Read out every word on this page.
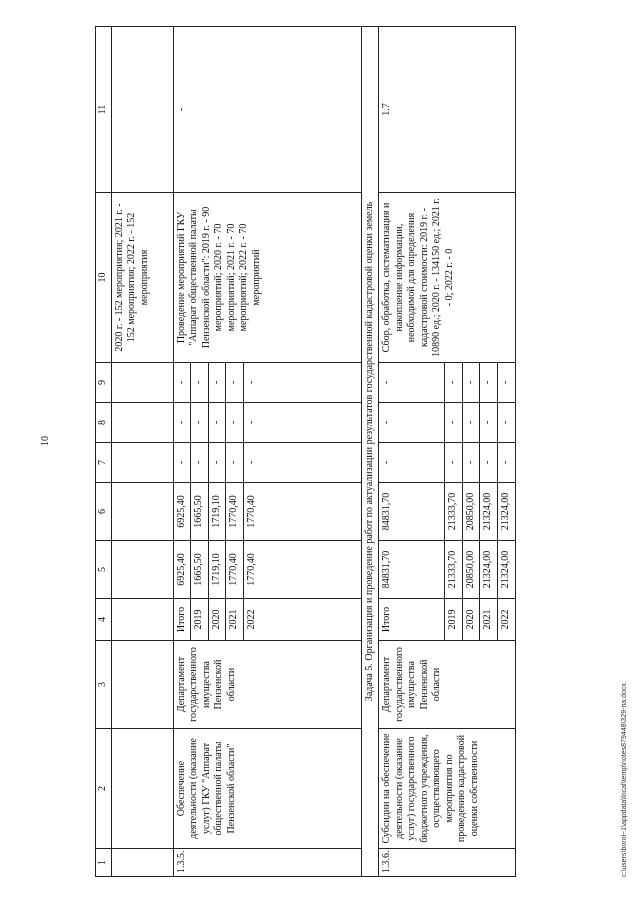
10
1	2	3	4	5	6	7	8	9	10	11
									2020 г. - 152 мероприятия; 2021 г. - 152 мероприятия; 2022 г. - 152 мероприятия	
1.3.5.	Обеспечение деятельности (оказание услуг) ГКУ "Аппарат общественной палаты Пензенской области"	Департамент государственного имущества Пензенской области	Итого	6925,40	6925,40	-	-	-	Проведение мероприятий ГКУ "Аппарат общественной палаты Пензенской области": 2019 г. - 90 мероприятий; 2020 г. - 70 мероприятий; 2021 г. - 70 мероприятий; 2022 г. - 70 мероприятий	-
			2019	1665,50	1665,50	-	-	-		
			2020	1719,10	1719,10	-	-	-		
			2021	1770,40	1770,40	-	-	-		
			2022	1770,40	1770,40	-	-	-		
Задача 5. Организация и проведение работ по актуализации результатов государственной кадастровой оценки земель										
1.3.6.	Субсидии на обеспечение деятельности (оказание услуг) государственного бюджетного учреждения, осуществляющего мероприятия по проведению кадастровой оценки собственности	Департамент государственного имущества Пензенской области	Итого	84831,70	84831,70	-	-	-	Сбор, обработка, систематизация и накопление информации, необходимой для определения кадастровой стоимости: 2019 г. - 10890 ед.; 2020 г. - 134150 ед.; 2021 г. - 0; 2022 г. - 0	1.7
			2019	21333,70	21333,70	-	-	-		
			2020	20850,00	20850,00	-	-	-		
			2021	21324,00	21324,00	-	-	-		
			2022	21324,00	21324,00	-	-	-		
c:\users\borol~1\appdata\local\temp\notes879448\329-па.docx
